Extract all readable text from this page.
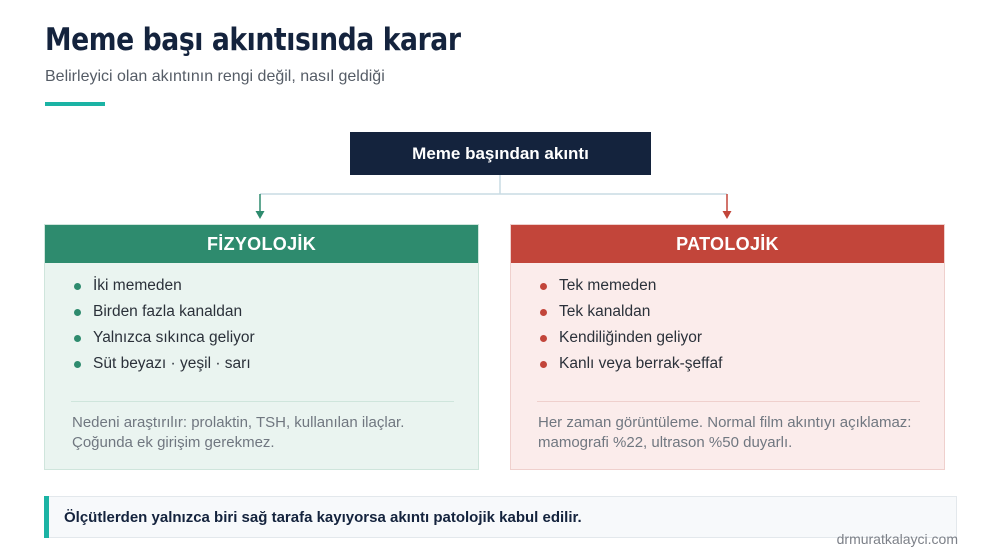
Meme başı akıntısında karar
Belirleyici olan akıntının rengi değil, nasıl geldiği
Meme başından akıntı
FİZYOLOJİK
İki memeden
Birden fazla kanaldan
Yalnızca sıkınca geliyor
Süt beyazı · yeşil · sarı
Nedeni araştırılır: prolaktin, TSH, kullanılan ilaçlar. Çoğunda ek girişim gerekmez.
PATOLOJİK
Tek memeden
Tek kanaldan
Kendiliğinden geliyor
Kanlı veya berrak-şeffaf
Her zaman görüntüleme. Normal film akıntıyı açıklamaz: mamografi %22, ultrason %50 duyarlı.
Ölçütlerden yalnızca biri sağ tarafa kayıyorsa akıntı patolojik kabul edilir.
drmuratkalayci.com
